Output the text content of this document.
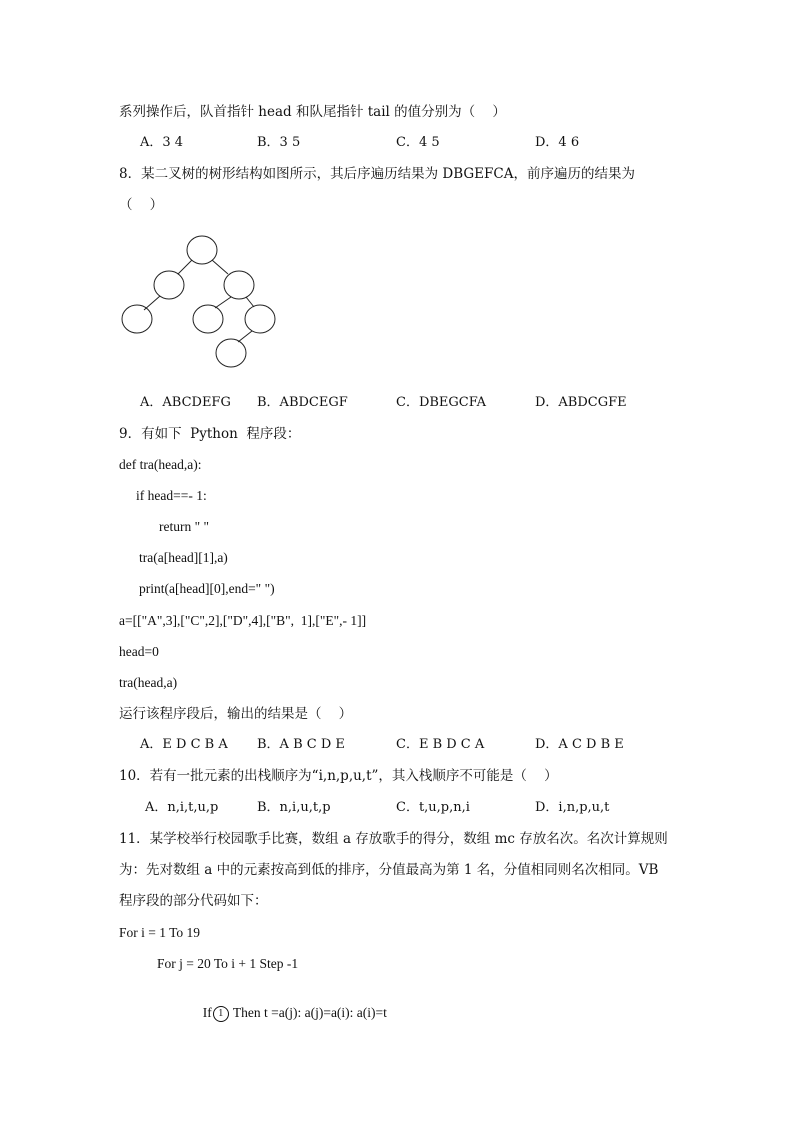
系列操作后，队首指针 head 和队尾指针 tail 的值分别为（    ）
A．3 4	B．3 5	C．4 5	D．4 6
8．某二叉树的树形结构如图所示，其后序遍历结果为 DBGEFCA，前序遍历的结果为
（    ）
A．ABCDEFG B．ABDCEGF	C．DBEGCFA	D．ABDCGFE
9．有如下  Python  程序段：
def tra(head,a):
if head==- 1:
return " "
tra(a[head][1],a)
print(a[head][0],end=" ")
a=[["A",3],["C",2],["D",4],["B",  1],["E",- 1]]
head=0
tra(head,a)
运行该程序段后，输出的结果是（    ）
A．E D C B A B．A B C D E	C．E B D C A	D．A C D B E
10．若有一批元素的出栈顺序为“i,n,p,u,t”，其入栈顺序不可能是（    ）
A．n,i,t,u,p	B．n,i,u,t,p	C．t,u,p,n,i	D．i,n,p,u,t
11．某学校举行校园歌手比赛，数组 a 存放歌手的得分，数组 mc 存放名次。名次计算规则
为：先对数组 a 中的元素按高到低的排序，分值最高为第 1 名，分值相同则名次相同。VB
程序段的部分代码如下：
For i = 1 To 19
For j = 20 To i + 1 Step -1

If 1 Then t =a(j): a(j)=a(i): a(i)=t
